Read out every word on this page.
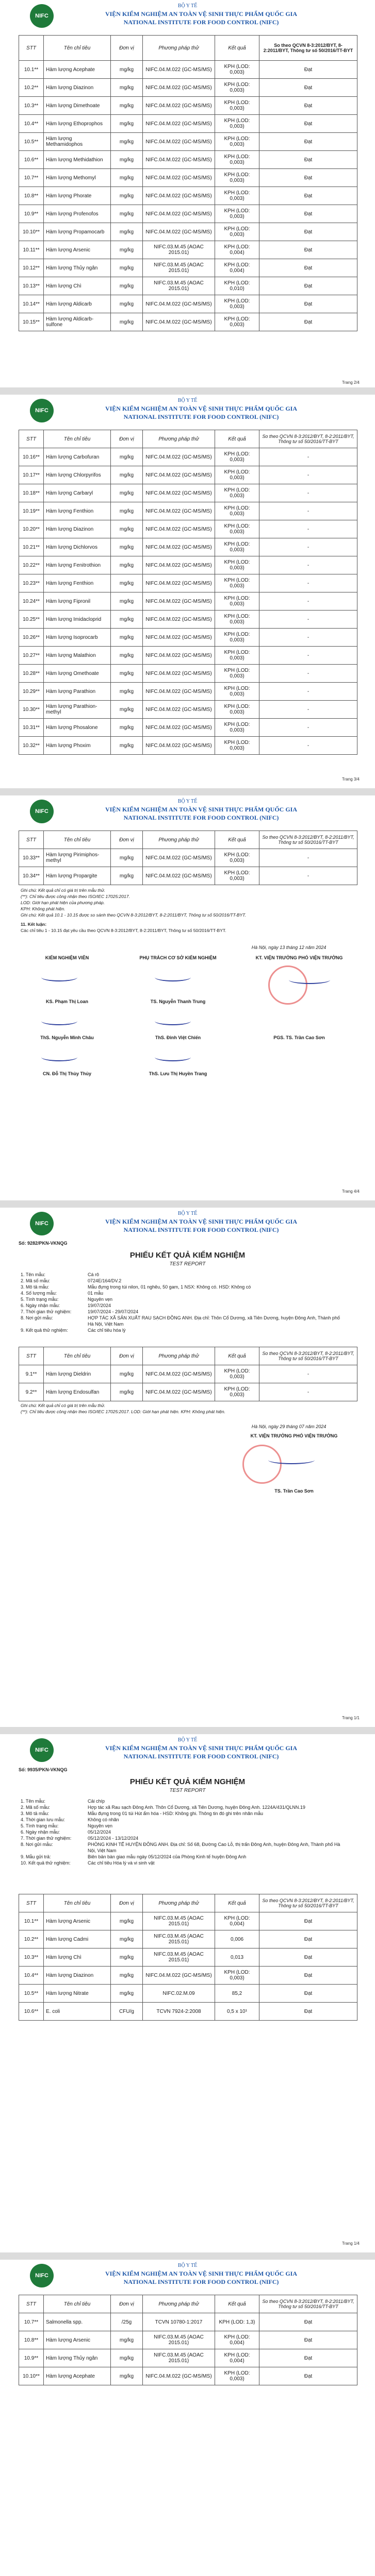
NIFC
BỘ Y TẾ
VIỆN KIỂM NGHIỆM AN TOÀN VỆ SINH THỰC PHẨM QUỐC GIA
NATIONAL INSTITUTE FOR FOOD CONTROL (NIFC)
STT	Tên chỉ tiêu	Đơn vị	Phương pháp thử	Kết quả	So theo QCVN 8-3:2012/BYT, 8-2:2011/BYT, Thông tư số 50/2016/TT-BYT
10.1**	Hàm lượng Acephate	mg/kg	NIFC.04.M.022 (GC-MS/MS)	KPH (LOD: 0,003)	Đạt
10.2**	Hàm lượng Diazinon	mg/kg	NIFC.04.M.022 (GC-MS/MS)	KPH (LOD: 0,003)	Đạt
10.3**	Hàm lượng Dimethoate	mg/kg	NIFC.04.M.022 (GC-MS/MS)	KPH (LOD: 0,003)	Đạt
10.4**	Hàm lượng Ethoprophos	mg/kg	NIFC.04.M.022 (GC-MS/MS)	KPH (LOD: 0,003)	Đạt
10.5**	Hàm lượng Methamidophos	mg/kg	NIFC.04.M.022 (GC-MS/MS)	KPH (LOD: 0,003)	Đạt
10.6**	Hàm lượng Methidathion	mg/kg	NIFC.04.M.022 (GC-MS/MS)	KPH (LOD: 0,003)	Đạt
10.7**	Hàm lượng Methomyl	mg/kg	NIFC.04.M.022 (GC-MS/MS)	KPH (LOD: 0,003)	Đạt
10.8**	Hàm lượng Phorate	mg/kg	NIFC.04.M.022 (GC-MS/MS)	KPH (LOD: 0,003)	Đạt
10.9**	Hàm lượng Profenofos	mg/kg	NIFC.04.M.022 (GC-MS/MS)	KPH (LOD: 0,003)	Đạt
10.10**	Hàm lượng Propamocarb	mg/kg	NIFC.04.M.022 (GC-MS/MS)	KPH (LOD: 0,003)	Đạt
10.11**	Hàm lượng Arsenic	mg/kg	NIFC.03.M.45 (AOAC 2015.01)	KPH (LOD: 0,004)	Đạt
10.12**	Hàm lượng Thủy ngân	mg/kg	NIFC.03.M.45 (AOAC 2015.01)	KPH (LOD: 0,004)	Đạt
10.13**	Hàm lượng Chì	mg/kg	NIFC.03.M.45 (AOAC 2015.01)	KPH (LOD: 0,010)	Đạt
10.14**	Hàm lượng Aldicarb	mg/kg	NIFC.04.M.022 (GC-MS/MS)	KPH (LOD: 0,003)	Đạt
10.15**	Hàm lượng Aldicarb-sulfone	mg/kg	NIFC.04.M.022 (GC-MS/MS)	KPH (LOD: 0,003)	Đạt
Trang 2/4
NIFC
BỘ Y TẾ
VIỆN KIỂM NGHIỆM AN TOÀN VỆ SINH THỰC PHẨM QUỐC GIA
NATIONAL INSTITUTE FOR FOOD CONTROL (NIFC)
STT	Tên chỉ tiêu	Đơn vị	Phương pháp thử	Kết quả	So theo QCVN 8-3:2012/BYT, 8-2:2011/BYT, Thông tư số 50/2016/TT-BYT
10.16**	Hàm lượng Carbofuran	mg/kg	NIFC.04.M.022 (GC-MS/MS)	KPH (LOD: 0,003)	-
10.17**	Hàm lượng Chlorpyrifos	mg/kg	NIFC.04.M.022 (GC-MS/MS)	KPH (LOD: 0,003)	-
10.18**	Hàm lượng Carbaryl	mg/kg	NIFC.04.M.022 (GC-MS/MS)	KPH (LOD: 0,003)	-
10.19**	Hàm lượng Fenthion	mg/kg	NIFC.04.M.022 (GC-MS/MS)	KPH (LOD: 0,003)	-
10.20**	Hàm lượng Diazinon	mg/kg	NIFC.04.M.022 (GC-MS/MS)	KPH (LOD: 0,003)	-
10.21**	Hàm lượng Dichlorvos	mg/kg	NIFC.04.M.022 (GC-MS/MS)	KPH (LOD: 0,003)	-
10.22**	Hàm lượng Fenitrothion	mg/kg	NIFC.04.M.022 (GC-MS/MS)	KPH (LOD: 0,003)	-
10.23**	Hàm lượng Fenthion	mg/kg	NIFC.04.M.022 (GC-MS/MS)	KPH (LOD: 0,003)	-
10.24**	Hàm lượng Fipronil	mg/kg	NIFC.04.M.022 (GC-MS/MS)	KPH (LOD: 0,003)	-
10.25**	Hàm lượng Imidacloprid	mg/kg	NIFC.04.M.022 (GC-MS/MS)	KPH (LOD: 0,003)	-
10.26**	Hàm lượng Isoprocarb	mg/kg	NIFC.04.M.022 (GC-MS/MS)	KPH (LOD: 0,003)	-
10.27**	Hàm lượng Malathion	mg/kg	NIFC.04.M.022 (GC-MS/MS)	KPH (LOD: 0,003)	-
10.28**	Hàm lượng Omethoate	mg/kg	NIFC.04.M.022 (GC-MS/MS)	KPH (LOD: 0,003)	-
10.29**	Hàm lượng Parathion	mg/kg	NIFC.04.M.022 (GC-MS/MS)	KPH (LOD: 0,003)	-
10.30**	Hàm lượng Parathion-methyl	mg/kg	NIFC.04.M.022 (GC-MS/MS)	KPH (LOD: 0,003)	-
10.31**	Hàm lượng Phosalone	mg/kg	NIFC.04.M.022 (GC-MS/MS)	KPH (LOD: 0,003)	-
10.32**	Hàm lượng Phoxim	mg/kg	NIFC.04.M.022 (GC-MS/MS)	KPH (LOD: 0,003)	-
Trang 3/4
NIFC
BỘ Y TẾ
VIỆN KIỂM NGHIỆM AN TOÀN VỆ SINH THỰC PHẨM QUỐC GIA
NATIONAL INSTITUTE FOR FOOD CONTROL (NIFC)
STT	Tên chỉ tiêu	Đơn vị	Phương pháp thử	Kết quả	So theo QCVN 8-3:2012/BYT, 8-2:2011/BYT, Thông tư số 50/2016/TT-BYT
10.33**	Hàm lượng Pirimiphos-methyl	mg/kg	NIFC.04.M.022 (GC-MS/MS)	KPH (LOD: 0,003)	-
10.34**	Hàm lượng Propargite	mg/kg	NIFC.04.M.022 (GC-MS/MS)	KPH (LOD: 0,003)	-
Ghi chú: Kết quả chỉ có giá trị trên mẫu thử.
(**): Chỉ tiêu được công nhận theo ISO/IEC 17025:2017.
LOD: Giới hạn phát hiện của phương pháp.
KPH: Không phát hiện.
Ghi chú: Kết quả 10.1 - 10.15 được so sánh theo QCVN 8-3:2012/BYT, 8-2:2011/BYT, Thông tư số 50/2016/TT-BYT.
11. Kết luận:
Các chỉ tiêu 1 - 10.15 đạt yêu cầu theo QCVN 8-3:2012/BYT, 8-2:2011/BYT, Thông tư số 50/2016/TT-BYT.
Hà Nội, ngày 13 tháng 12 năm 2024
KIỂM NGHIỆM VIÊN	PHỤ TRÁCH CƠ SỞ KIỂM NGHIỆM	KT. VIỆN TRƯỞNG PHÓ VIỆN TRƯỞNG
KS. Phạm Thị Loan	TS. Nguyễn Thanh Trung
ThS. Nguyễn Minh Châu	ThS. Đinh Việt Chiến	PGS. TS. Trần Cao Sơn
CN. Đỗ Thị Thùy Thủy	ThS. Lưu Thị Huyền Trang
Trang 4/4
NIFC
BỘ Y TẾ
VIỆN KIỂM NGHIỆM AN TOÀN VỆ SINH THỰC PHẨM QUỐC GIA
NATIONAL INSTITUTE FOR FOOD CONTROL (NIFC)
Số: 9282/PKN-VKNQG
PHIẾU KẾT QUẢ KIỂM NGHIỆM
TEST REPORT
1. Tên mẫu:	Cá rô
2. Mã số mẫu:	0724E/164/DV.2
3. Mô tả mẫu:	Mẫu đựng trong túi nilon, 01 nghêu, 50 gam, 1 NSX: Không có. HSD: Không có
4. Số lượng mẫu:	01 mẫu
5. Tình trạng mẫu:	Nguyên vẹn
6. Ngày nhận mẫu:	19/07/2024
7. Thời gian thử nghiệm:	19/07/2024 - 29/07/2024
8. Nơi gửi mẫu:	HỢP TÁC XÃ SẢN XUẤT RAU SẠCH ĐỒNG ANH. Địa chỉ: Thôn Cổ Dương, xã Tiên Dương, huyện Đông Anh, Thành phố Hà Nội, Việt Nam
9. Kết quả thử nghiệm:	Các chỉ tiêu hóa lý
STT	Tên chỉ tiêu	Đơn vị	Phương pháp thử	Kết quả	So theo QCVN 8-3:2012/BYT, 8-2:2011/BYT, Thông tư số 50/2016/TT-BYT
9.1**	Hàm lượng Dieldrin	mg/kg	NIFC.04.M.022 (GC-MS/MS)	KPH (LOD: 0,003)	-
9.2**	Hàm lượng Endosulfan	mg/kg	NIFC.04.M.022 (GC-MS/MS)	KPH (LOD: 0,003)	-
Ghi chú: Kết quả chỉ có giá trị trên mẫu thử.
(**): Chỉ tiêu được công nhận theo ISO/IEC 17025:2017. LOD: Giới hạn phát hiện. KPH: Không phát hiện.
Hà Nội, ngày 29 tháng 07 năm 2024
KT. VIỆN TRƯỞNG PHÓ VIỆN TRƯỞNG
TS. Trần Cao Sơn
Trang 1/1
NIFC
BỘ Y TẾ
VIỆN KIỂM NGHIỆM AN TOÀN VỆ SINH THỰC PHẨM QUỐC GIA
NATIONAL INSTITUTE FOR FOOD CONTROL (NIFC)
Số: 9935/PKN-VKNQG
PHIẾU KẾT QUẢ KIỂM NGHIỆM
TEST REPORT
1. Tên mẫu:	Cải chíp
2. Mã số mẫu:	Hợp tác xã Rau sạch Đông Anh. Thôn Cổ Dương, xã Tiên Dương, huyện Đông Anh. 1224A/431/QLNN.19
3. Mô tả mẫu:	Mẫu đựng trong 01 túi Hút ẩm hóa - HSD: Không ghi. Thông tin đó ghi trên nhãn mẫu
4. Thời gian lưu mẫu:	Không có nhãn
5. Tình trạng mẫu:	Nguyên vẹn
6. Ngày nhận mẫu:	05/12/2024
7. Thời gian thử nghiệm:	05/12/2024 - 13/12/2024
8. Nơi gửi mẫu:	PHÒNG KINH TẾ HUYỆN ĐÔNG ANH. Địa chỉ: Số 68, Đường Cao Lỗ, thị trấn Đông Anh, huyện Đông Anh, Thành phố Hà Nội, Việt Nam
9. Mẫu gửi trả:	Biên bản bàn giao mẫu ngày 05/12/2024 của Phòng Kinh tế huyện Đông Anh
10. Kết quả thử nghiệm:	Các chỉ tiêu Hóa lý và vi sinh vật
STT	Tên chỉ tiêu	Đơn vị	Phương pháp thử	Kết quả	So theo QCVN 8-3:2012/BYT, 8-2:2011/BYT, Thông tư số 50/2016/TT-BYT
10.1**	Hàm lượng Arsenic	mg/kg	NIFC.03.M.45 (AOAC 2015.01)	KPH (LOD: 0,004)	Đạt
10.2**	Hàm lượng Cadmi	mg/kg	NIFC.03.M.45 (AOAC 2015.01)	0,006	Đạt
10.3**	Hàm lượng Chì	mg/kg	NIFC.03.M.45 (AOAC 2015.01)	0,013	Đạt
10.4**	Hàm lượng Diazinon	mg/kg	NIFC.04.M.022 (GC-MS/MS)	KPH (LOD: 0,003)	Đạt
10.5**	Hàm lượng Nitrate	mg/kg	NIFC.02.M.09	85,2	Đạt
10.6**	E. coli	CFU/g	TCVN 7924-2:2008	0,5 x 10¹	Đạt
Trang 1/4
NIFC
BỘ Y TẾ
VIỆN KIỂM NGHIỆM AN TOÀN VỆ SINH THỰC PHẨM QUỐC GIA
NATIONAL INSTITUTE FOR FOOD CONTROL (NIFC)
STT	Tên chỉ tiêu	Đơn vị	Phương pháp thử	Kết quả	So theo QCVN 8-3:2012/BYT, 8-2:2011/BYT, Thông tư số 50/2016/TT-BYT
10.7**	Salmonella spp.	/25g	TCVN 10780-1:2017	KPH (LOD: 1,3)	Đạt
10.8**	Hàm lượng Arsenic	mg/kg	NIFC.03.M.45 (AOAC 2015.01)	KPH (LOD: 0,004)	Đạt
10.9**	Hàm lượng Thủy ngân	mg/kg	NIFC.03.M.45 (AOAC 2015.01)	KPH (LOD: 0,004)	Đạt
10.10**	Hàm lượng Acephate	mg/kg	NIFC.04.M.022 (GC-MS/MS)	KPH (LOD: 0,003)	Đạt
